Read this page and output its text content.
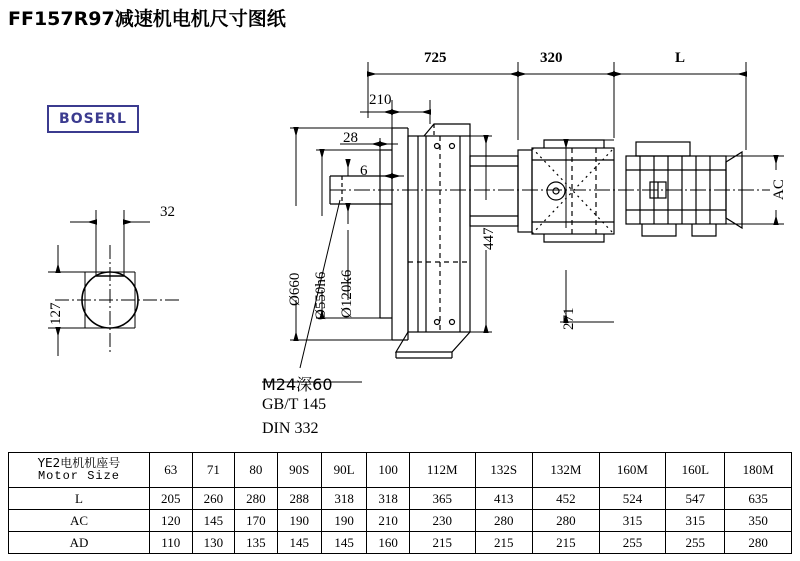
FF157R97减速机电机尺寸图纸
BOSERL
725	320	L
210
28
6
32
127
Ø660 Ø550h6 Ø120k6
447
271
AC
M24深60
GB/T 145
DIN 332
YE2电机机座号
Motor Size	63	71	80	90S	90L	100	112M	132S	132M	160M	160L	180M
L	205	260	280	288	318	318	365	413	452	524	547	635
AC	120	145	170	190	190	210	230	280	280	315	315	350
AD	110	130	135	145	145	160	215	215	215	255	255	280
